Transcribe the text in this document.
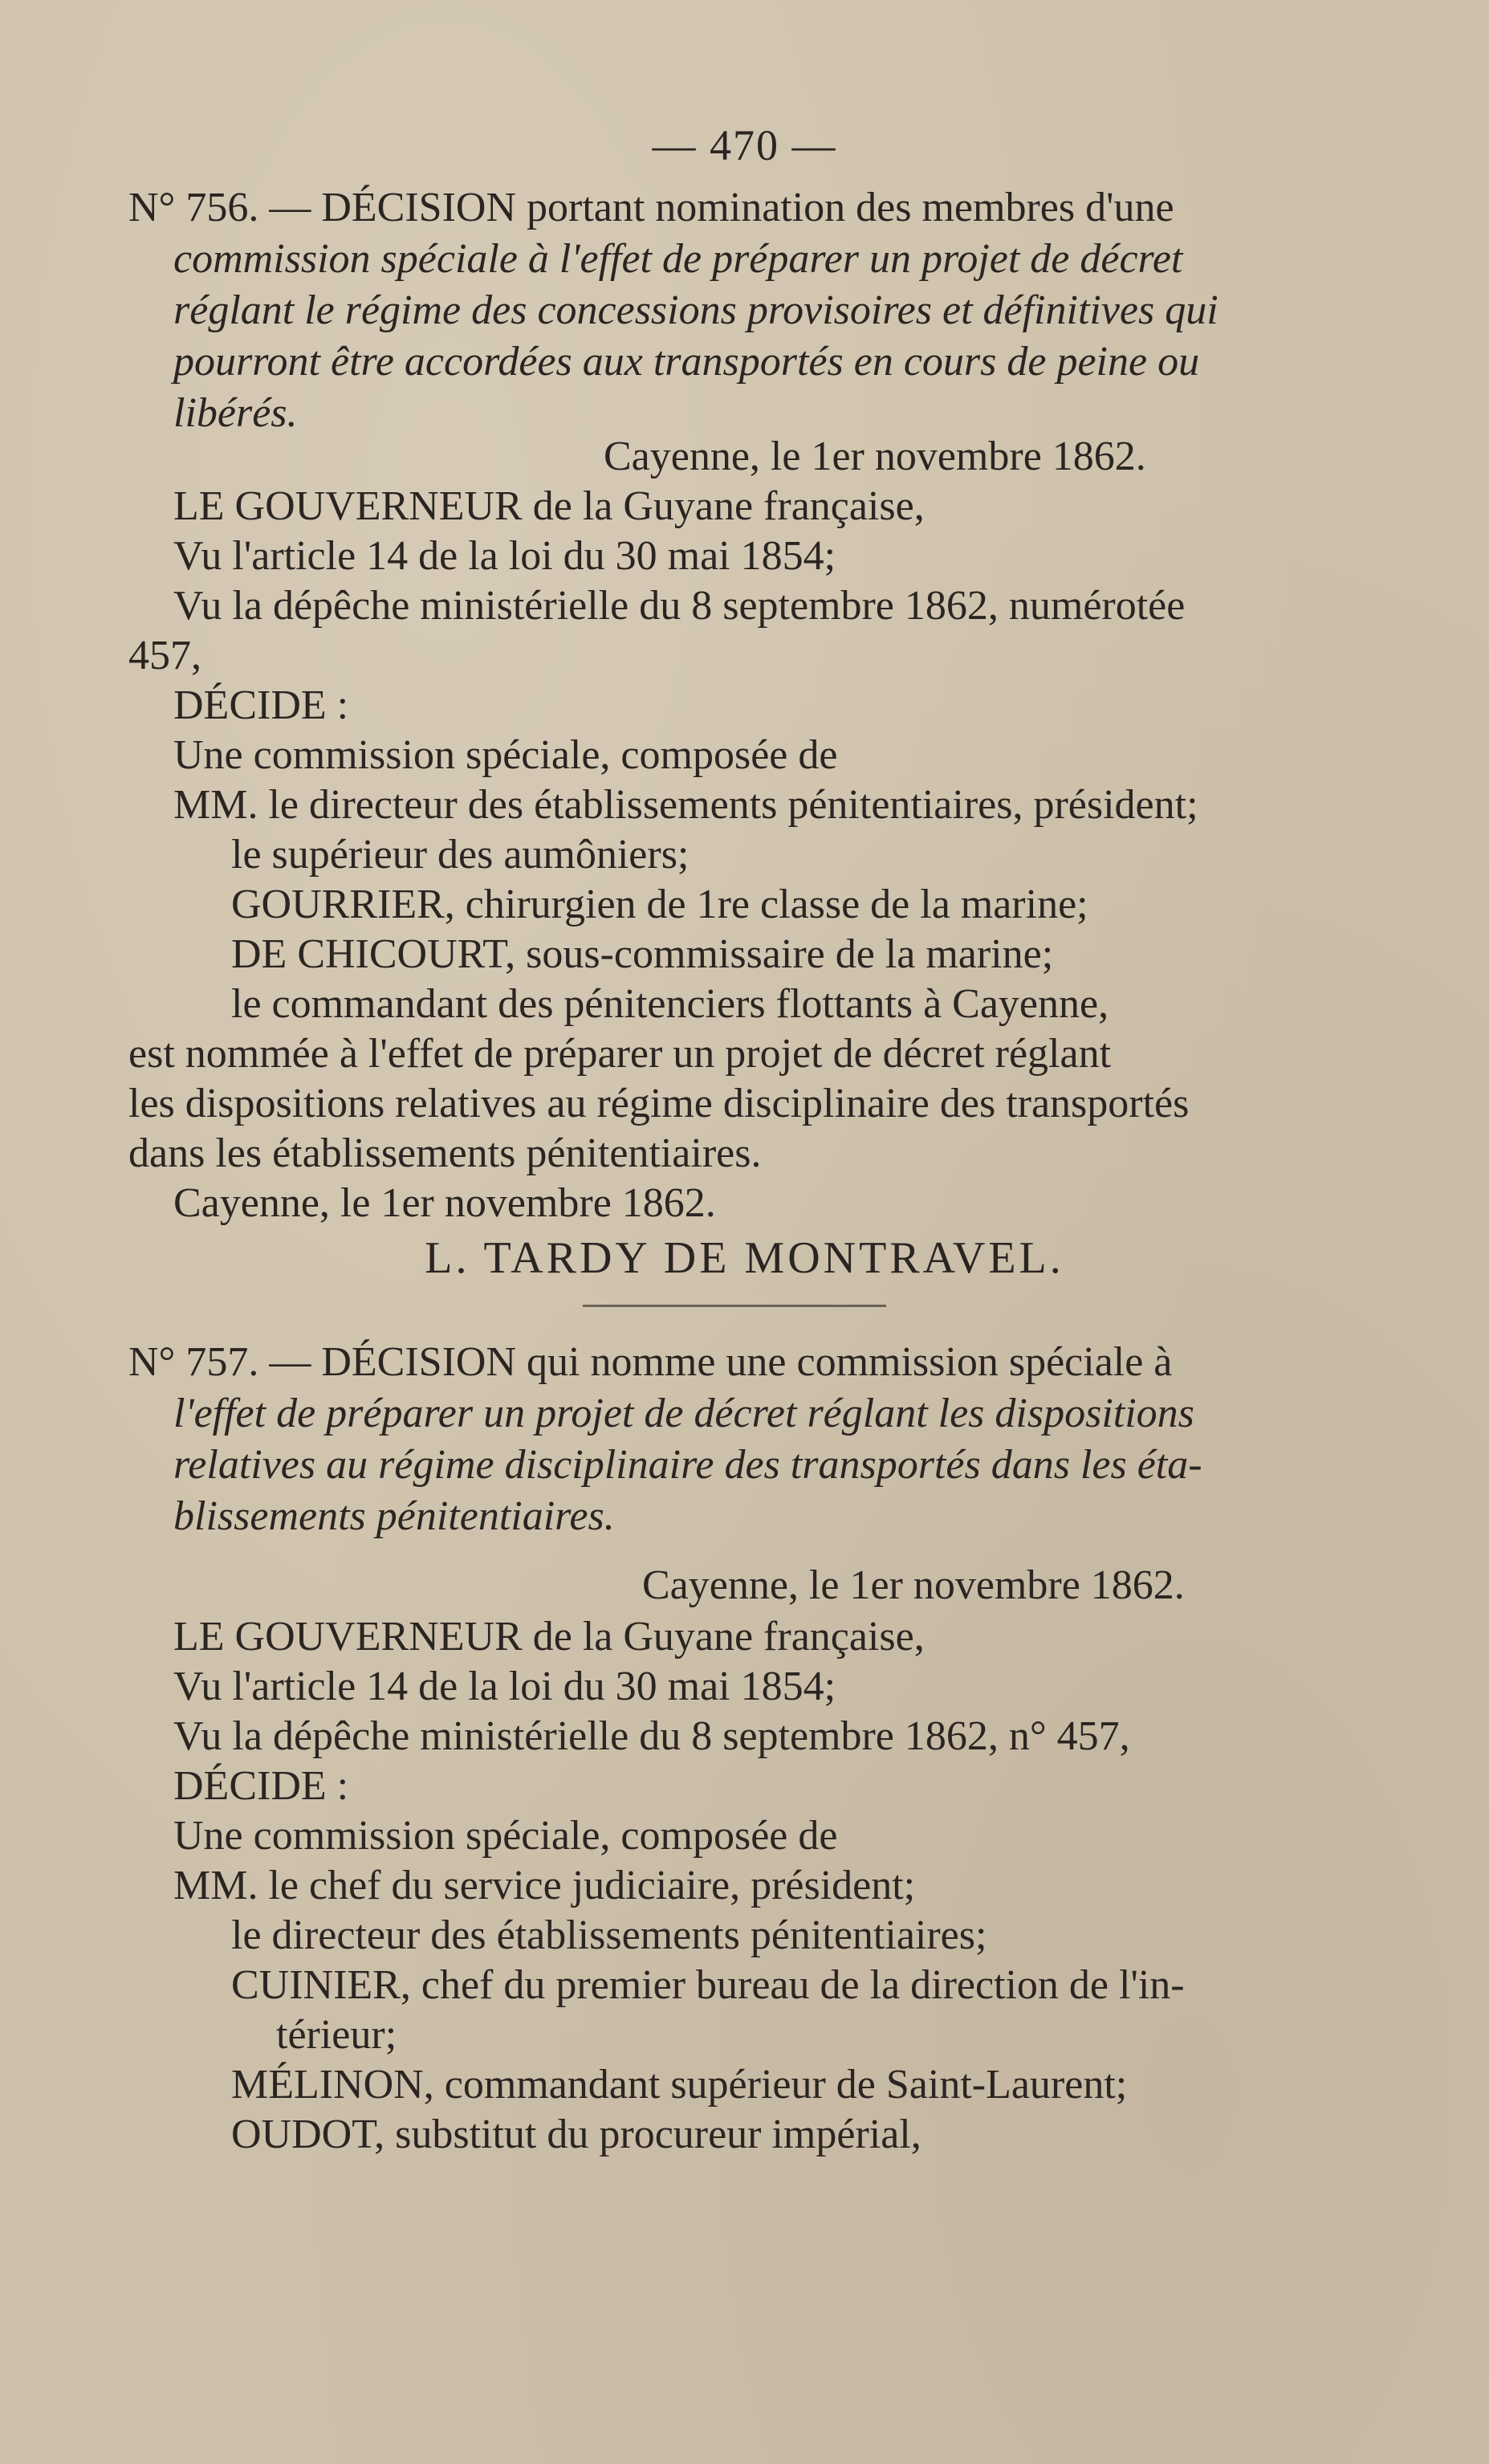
— 470 —
N° 756. — DÉCISION portant nomination des membres d'une
commission spéciale à l'effet de préparer un projet de décret
réglant le régime des concessions provisoires et définitives qui
pourront être accordées aux transportés en cours de peine ou
libérés.
Cayenne, le 1er novembre 1862.
LE GOUVERNEUR de la Guyane française,
Vu l'article 14 de la loi du 30 mai 1854;
Vu la dépêche ministérielle du 8 septembre 1862, numérotée
457,
DÉCIDE :
Une commission spéciale, composée de
MM. le directeur des établissements pénitentiaires, président;
le supérieur des aumôniers;
GOURRIER, chirurgien de 1re classe de la marine;
DE CHICOURT, sous-commissaire de la marine;
le commandant des pénitenciers flottants à Cayenne,
est nommée à l'effet de préparer un projet de décret réglant
les dispositions relatives au régime disciplinaire des transportés
dans les établissements pénitentiaires.
Cayenne, le 1er novembre 1862.
L. TARDY DE MONTRAVEL.
N° 757. — DÉCISION qui nomme une commission spéciale à
l'effet de préparer un projet de décret réglant les dispositions
relatives au régime disciplinaire des transportés dans les éta-
blissements pénitentiaires.
Cayenne, le 1er novembre 1862.
LE GOUVERNEUR de la Guyane française,
Vu l'article 14 de la loi du 30 mai 1854;
Vu la dépêche ministérielle du 8 septembre 1862, n° 457,
DÉCIDE :
Une commission spéciale, composée de
MM. le chef du service judiciaire, président;
le directeur des établissements pénitentiaires;
CUINIER, chef du premier bureau de la direction de l'in-
térieur;
MÉLINON, commandant supérieur de Saint-Laurent;
OUDOT, substitut du procureur impérial,
